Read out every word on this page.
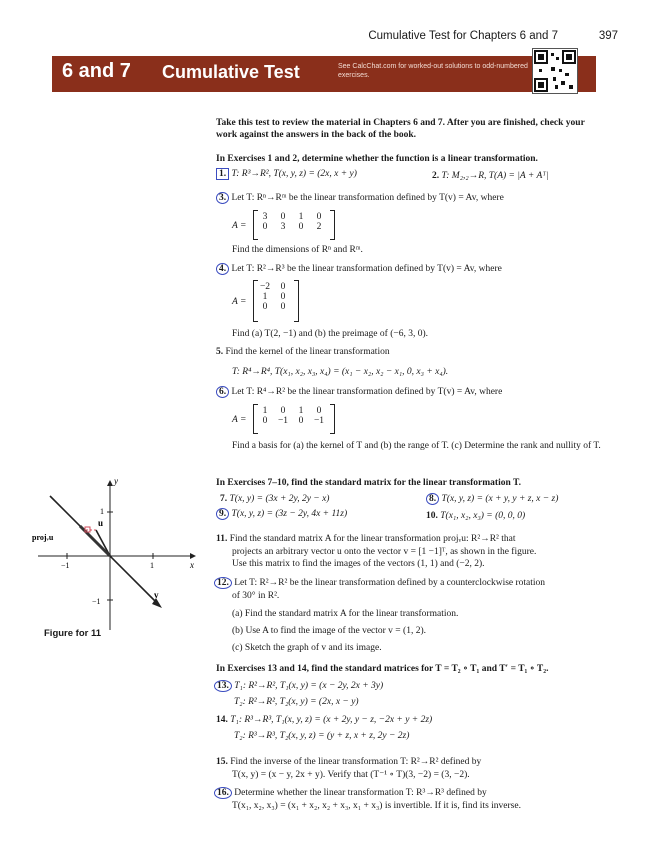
Cumulative Test for Chapters 6 and 7	397
6 and 7 Cumulative Test	See CalcChat.com for worked-out solutions to odd-numbered exercises.
Take this test to review the material in Chapters 6 and 7. After you are finished, check your work against the answers in the back of the book.
In Exercises 1 and 2, determine whether the function is a linear transformation.
1. T: R³→R², T(x, y, z) = (2x, x + y)	2. T: M₂,₂→R, T(A) = |A + Aᵀ|
3. Let T: Rⁿ→Rᵐ be the linear transformation defined by T(v) = Av, where
A =
3	0	1	0
0	3	0	2
Find the dimensions of Rⁿ and Rᵐ.
4. Let T: R²→R³ be the linear transformation defined by T(v) = Av, where
A =
−2	0
1	0
0	0
Find (a) T(2, −1) and (b) the preimage of (−6, 3, 0).
5. Find the kernel of the linear transformation
T: R⁴→R⁴, T(x₁, x₂, x₃, x₄) = (x₁ − x₂, x₂ − x₁, 0, x₃ + x₄).
6. Let T: R⁴→R² be the linear transformation defined by T(v) = Av, where
A =
1	0	1	0
0	−1	0	−1
Find a basis for (a) the kernel of T and (b) the range of T. (c) Determine the rank and nullity of T.
In Exercises 7–10, find the standard matrix for the linear transformation T.
7. T(x, y) = (3x + 2y, 2y − x)	8. T(x, y, z) = (x + y, y + z, x − z)
9. T(x, y, z) = (3z − 2y, 4x + 11z)	10. T(x₁, x₂, x₃) = (0, 0, 0)
11. Find the standard matrix A for the linear transformation projᵥu: R²→R² that
projects an arbitrary vector u onto the vector v = [1 −1]ᵀ, as shown in the figure.
Use this matrix to find the images of the vectors (1, 1) and (−2, 2).
12. Let T: R²→R² be the linear transformation defined by a counterclockwise rotation
of 30° in R².
(a) Find the standard matrix A for the linear transformation.
(b) Use A to find the image of the vector v = (1, 2).
(c) Sketch the graph of v and its image.
In Exercises 13 and 14, find the standard matrices for T = T₂ ∘ T₁ and T′ = T₁ ∘ T₂.
13. T₁: R²→R², T₁(x, y) = (x − 2y, 2x + 3y)
T₂: R²→R², T₂(x, y) = (2x, x − y)
14. T₁: R³→R³, T₁(x, y, z) = (x + 2y, y − z, −2x + y + 2z)
T₂: R³→R³, T₂(x, y, z) = (y + z, x + z, 2y − 2z)
15. Find the inverse of the linear transformation T: R²→R² defined by
T(x, y) = (x − y, 2x + y). Verify that (T⁻¹ ∘ T)(3, −2) = (3, −2).
16. Determine whether the linear transformation T: R³→R³ defined by
T(x₁, x₂, x₃) = (x₁ + x₂, x₂ + x₃, x₁ + x₃) is invertible. If it is, find its inverse.
y
x
1
−1	1
−1
u
v
projᵥu
Figure for 11
